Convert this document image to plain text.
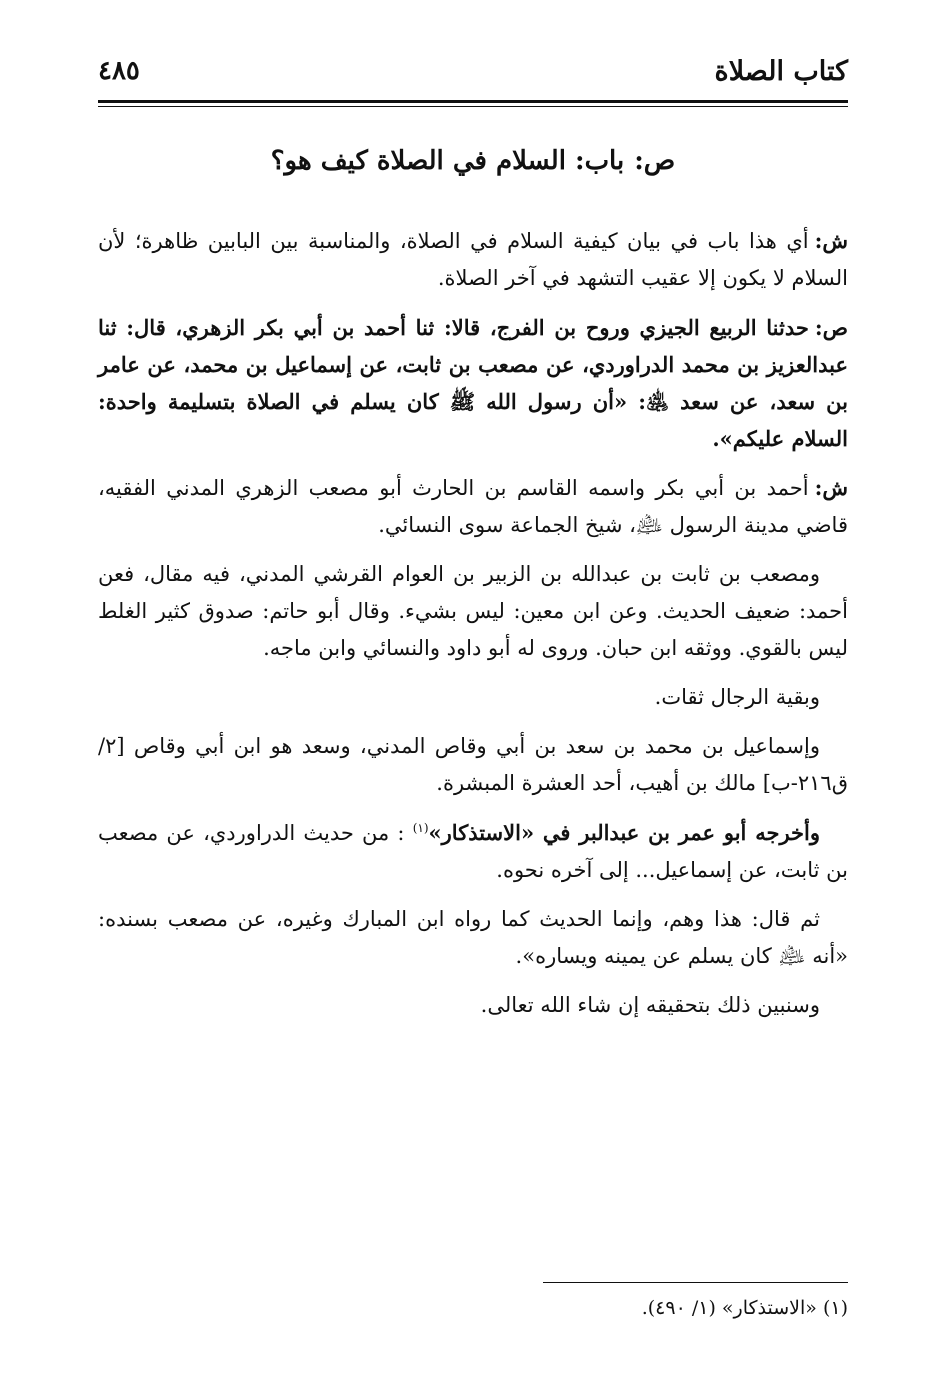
كتاب الصلاة
٤٨٥
ص:باب: السلام في الصلاة كيف هو؟

ش:أي هذا باب في بيان كيفية السلام في الصلاة، والمناسبة بين البابين ظاهرة؛ لأن السلام لا يكون إلا عقيب التشهد في آخر الصلاة.

ص:حدثنا الربيع الجيزي وروح بن الفرج، قالا: ثنا أحمد بن أبي بكر الزهري، قال: ثنا عبدالعزيز بن محمد الدراوردي، عن مصعب بن ثابت، عن إسماعيل بن محمد، عن عامر بن سعد، عن سعد ﵁: «أن رسول الله ﷺ كان يسلم في الصلاة بتسليمة واحدة: السلام عليكم».

ش:أحمد بن أبي بكر واسمه القاسم بن الحارث أبو مصعب الزهري المدني الفقيه، قاضي مدينة الرسول ﵇، شيخ الجماعة سوى النسائي.

ومصعب بن ثابت بن عبدالله بن الزبير بن العوام القرشي المدني، فيه مقال، فعن أحمد: ضعيف الحديث. وعن ابن معين: ليس بشيء. وقال أبو حاتم: صدوق كثير الغلط ليس بالقوي. ووثقه ابن حبان. وروى له أبو داود والنسائي وابن ماجه.

وبقية الرجال ثقات.

وإسماعيل بن محمد بن سعد بن أبي وقاص المدني، وسعد هو ابن أبي وقاص [٢/ ق٢١٦-ب] مالك بن أهيب، أحد العشرة المبشرة.

وأخرجه أبو عمر بن عبدالبر في «الاستذكار»$^{(١)}$ : من حديث الدراوردي، عن مصعب بن ثابت، عن إسماعيل... إلى آخره نحوه.

ثم قال: هذا وهم، وإنما الحديث كما رواه ابن المبارك وغيره، عن مصعب بسنده: «أنه ﵇ كان يسلم عن يمينه ويساره».

وسنبين ذلك بتحقيقه إن شاء الله تعالى.

(١) «الاستذكار» (١/ ٤٩٠).
